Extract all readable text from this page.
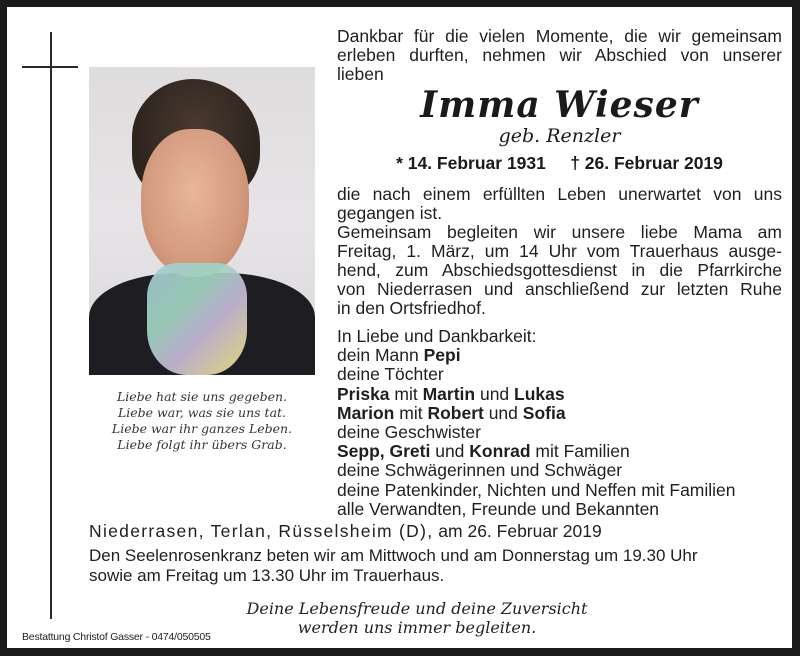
Liebe hat sie uns gegeben.
Liebe war, was sie uns tat.
Liebe war ihr ganzes Leben.
Liebe folgt ihr übers Grab.
Dankbar für die vielen Momente, die wir gemeinsam
erleben durften, nehmen wir Abschied von unserer
lieben
Imma Wieser
geb. Renzler
* 14. Februar 1931 † 26. Februar 2019
die nach einem erfüllten Leben unerwartet von uns
gegangen ist.
Gemeinsam begleiten wir unsere liebe Mama am
Freitag, 1. März, um 14 Uhr vom Trauerhaus ausge-
hend, zum Abschiedsgottesdienst in die Pfarrkirche
von Niederrasen und anschließend zur letzten Ruhe
in den Ortsfriedhof.
In Liebe und Dankbarkeit:
dein Mann Pepi
deine Töchter
Priska mit Martin und Lukas
Marion mit Robert und Sofia
deine Geschwister
Sepp, Greti und Konrad mit Familien
deine Schwägerinnen und Schwäger
deine Patenkinder, Nichten und Neffen mit Familien
alle Verwandten, Freunde und Bekannten
Niederrasen, Terlan, Rüsselsheim (D), am 26. Februar 2019
Den Seelenrosenkranz beten wir am Mittwoch und am Donnerstag um 19.30 Uhr
sowie am Freitag um 13.30 Uhr im Trauerhaus.
Deine Lebensfreude und deine Zuversicht
werden uns immer begleiten.
Bestattung Christof Gasser - 0474/050505
